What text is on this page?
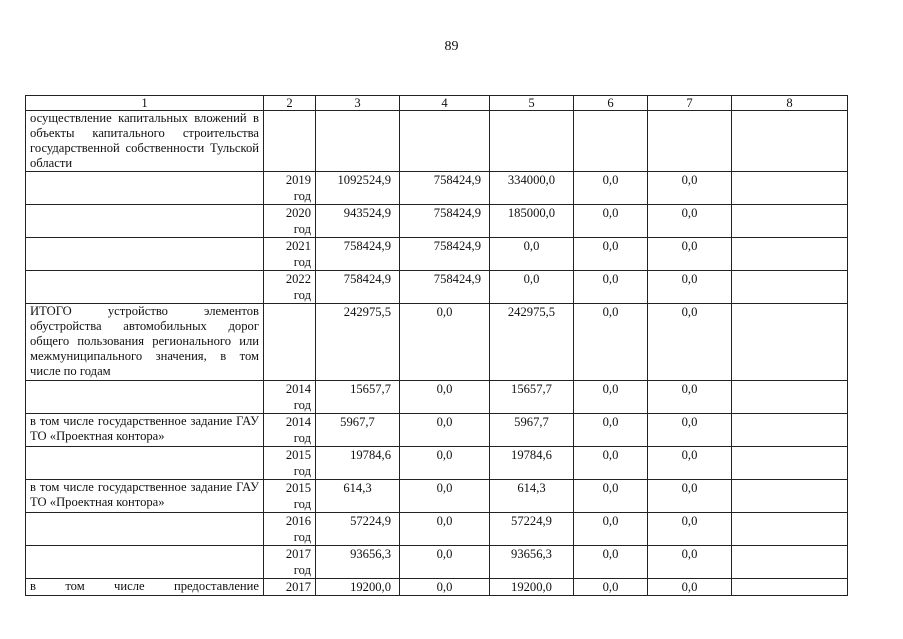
89
1	2	3	4	5	6	7	8
осуществление капитальных вложений в объекты капитального строительства государственной собственности Тульской области							
	2019 год	1092524,9	758424,9	334000,0	0,0	0,0	
	2020 год	943524,9	758424,9	185000,0	0,0	0,0	
	2021 год	758424,9	758424,9	0,0	0,0	0,0	
	2022 год	758424,9	758424,9	0,0	0,0	0,0	
ИТОГО устройство элементов обустройства автомобильных дорог общего пользования регионального или межмуниципального значения, в том числе по годам		242975,5	0,0	242975,5	0,0	0,0	
	2014 год	15657,7	0,0	15657,7	0,0	0,0	
в том числе государственное задание ГАУ ТО «Проектная контора»	2014 год	5967,7	0,0	5967,7	0,0	0,0	
	2015 год	19784,6	0,0	19784,6	0,0	0,0	
в том числе государственное задание ГАУ ТО «Проектная контора»	2015 год	614,3	0,0	614,3	0,0	0,0	
	2016 год	57224,9	0,0	57224,9	0,0	0,0	
	2017 год	93656,3	0,0	93656,3	0,0	0,0	
в том числе предоставление	2017	19200,0	0,0	19200,0	0,0	0,0	
